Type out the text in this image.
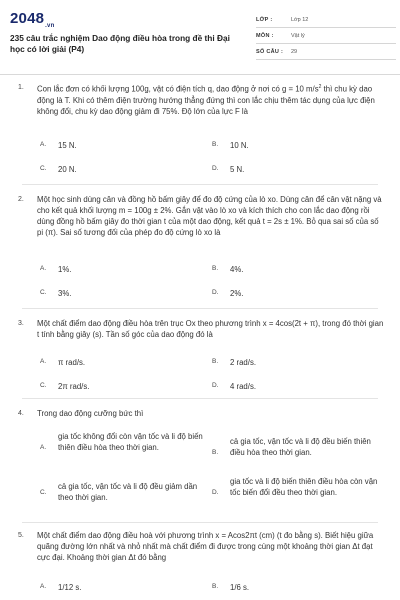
$2048_{.vn}$
235 câu trắc nghiệm Dao động điều hòa trong đề thi Đại học có lời giải (P4)
LỚP :	Lớp 12
MÔN :	Vật lý
SỐ CÂU : 29
1. Con lắc đơn có khối lượng 100g, vật có điện tích q, dao động ở nơi có g = 10 $m/s^2$ thì chu kỳ dao động là T. Khi có thêm điện trường hướng thẳng đứng thì con lắc chịu thêm tác dụng của lực điện không đổi, chu kỳ dao động giảm đi 75%. Độ lớn của lực F là
A. 15 N.	B. 10 N.
C. 20 N.	D. 5 N.
2. Một học sinh dùng cân và đồng hồ bấm giây để đo độ cứng của lò xo. Dùng cân để cân vật nặng và cho kết quả khối lượng m = 100g ± 2%. Gắn vật vào lò xo và kích thích cho con lắc dao động rồi dùng đồng hồ bấm giây đo thời gian t của một dao động, kết quả t = 2s ± 1%. Bỏ qua sai số của số pi (π). Sai số tương đối của phép đo độ cứng lò xo là
A. 1%.	B. 4%.
C. 3%.	D. 2%.
3. Một chất điểm dao động điều hòa trên trục Ox theo phương trình x = 4cos(2t + π), trong đó thời gian t tính bằng giây (s). Tần số góc của dao động đó là
A. π rad/s.	B. 2 rad/s.
C. 2π rad/s.	D. 4 rad/s.
4. Trong dao động cưỡng bức thì
A.
gia tốc không đổi còn vận tốc và li độ biến thiên điều hòa theo thời gian.
B.
cả gia tốc, vận tốc và li độ đều biến thiên điều hòa theo thời gian.
C.
cả gia tốc, vận tốc và li độ đều giảm dần theo thời gian.	D.
gia tốc và li độ biến thiên điều hòa còn vận tốc biến đổi đều theo thời gian.
5. Một chất điểm dao động điều hoà với phương trình x = Acos2πt (cm) (t đo bằng s). Biết hiệu giữa quãng đường lớn nhất và nhỏ nhất mà chất điểm đi được trong cùng một khoảng thời gian Δt đạt cực đại. Khoảng thời gian Δt đó bằng
A. 1/12 s.	B. 1/6 s.
